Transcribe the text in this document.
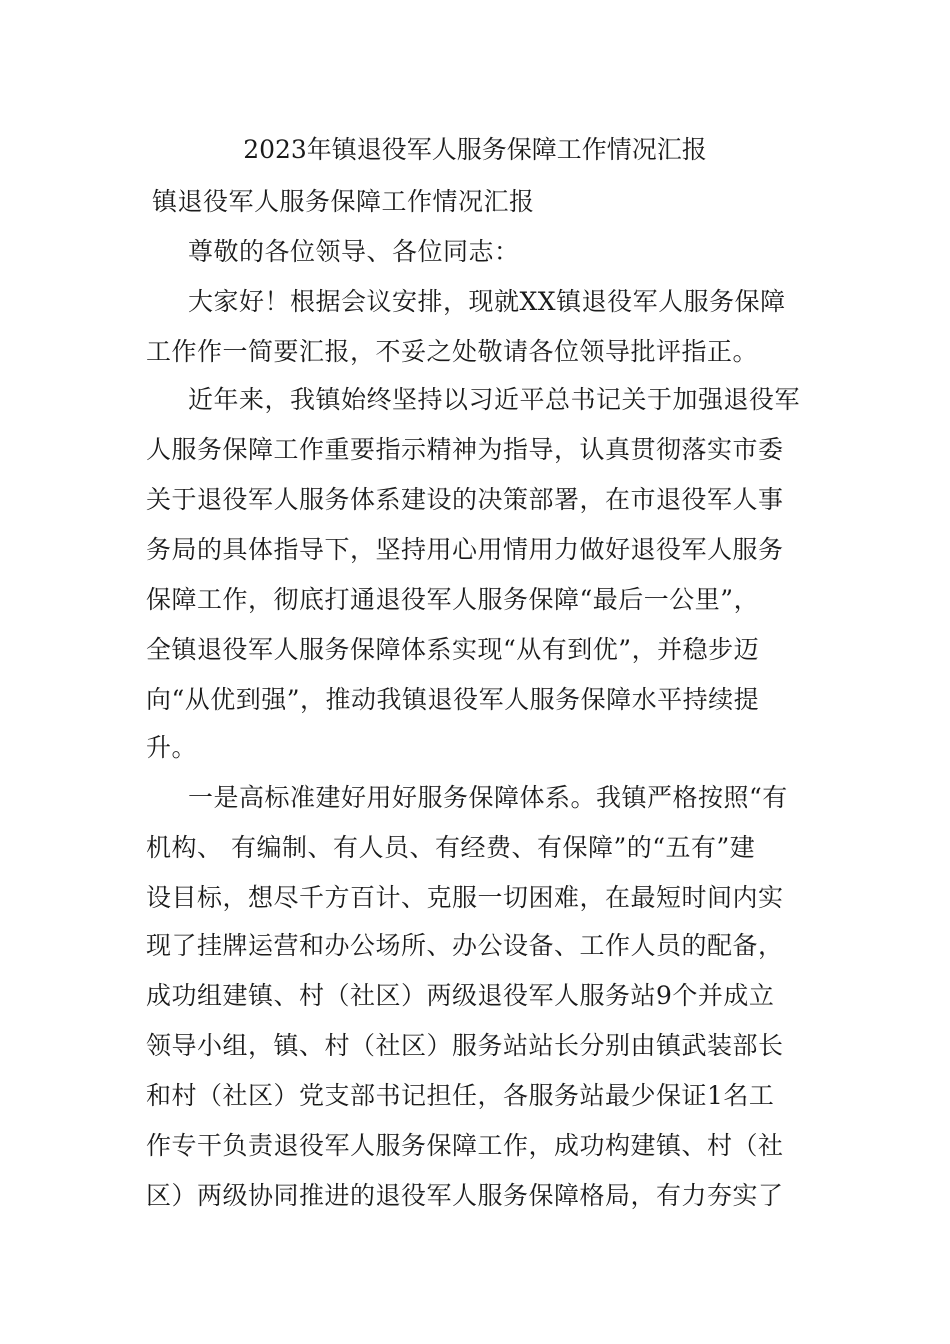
2023年镇退役军人服务保障工作情况汇报
镇退役军人服务保障工作情况汇报
尊敬的各位领导、各位同志：
大家好！根据会议安排，现就XX镇退役军人服务保障
工作作一简要汇报，不妥之处敬请各位领导批评指正。
近年来，我镇始终坚持以习近平总书记关于加强退役军
人服务保障工作重要指示精神为指导，认真贯彻落实市委
关于退役军人服务体系建设的决策部署，在市退役军人事
务局的具体指导下，坚持用心用情用力做好退役军人服务
保障工作，彻底打通退役军人服务保障“最后一公里”，
全镇退役军人服务保障体系实现“从有到优”，并稳步迈
向“从优到强”，推动我镇退役军人服务保障水平持续提
升。
一是高标准建好用好服务保障体系。我镇严格按照“有
机构、 有编制、有人员、有经费、有保障”的“五有”建
设目标，想尽千方百计、克服一切困难，在最短时间内实
现了挂牌运营和办公场所、办公设备、工作人员的配备，
成功组建镇、村（社区）两级退役军人服务站9个并成立
领导小组，镇、村（社区）服务站站长分别由镇武装部长
和村（社区）党支部书记担任，各服务站最少保证1名工
作专干负责退役军人服务保障工作，成功构建镇、村（社
区）两级协同推进的退役军人服务保障格局，有力夯实了
